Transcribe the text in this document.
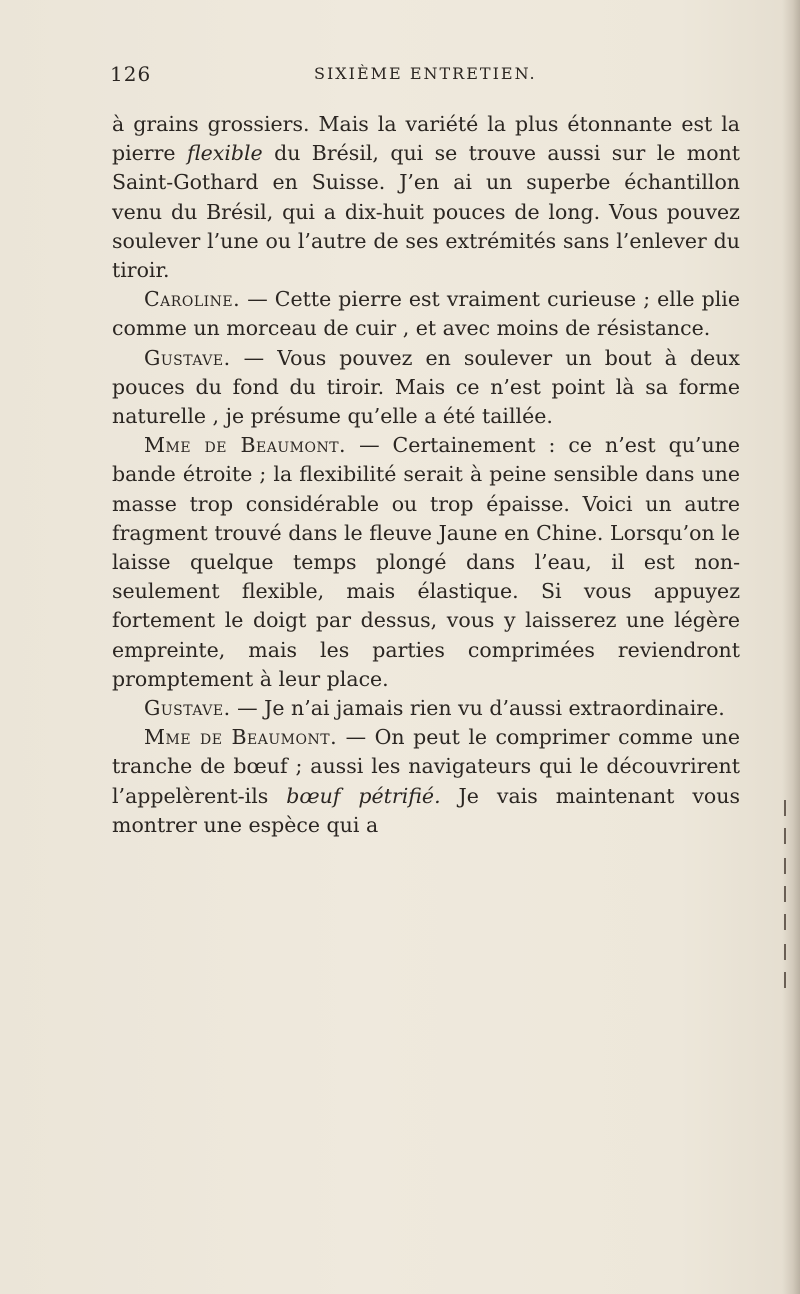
126	SIXIÈME ENTRETIEN.

à grains grossiers. Mais la variété la plus étonnante est la pierre flexible du Brésil, qui se trouve aussi sur le mont Saint-Gothard en Suisse. J’en ai un superbe échantillon venu du Brésil, qui a dix-huit pouces de long. Vous pouvez soulever l’une ou l’autre de ses extrémités sans l’enlever du tiroir.

Caroline. — Cette pierre est vraiment curieuse ; elle plie comme un morceau de cuir , et avec moins de résistance.

Gustave. — Vous pouvez en soulever un bout à deux pouces du fond du tiroir. Mais ce n’est point là sa forme naturelle , je présume qu’elle a été taillée.

Mme de Beaumont. — Certainement : ce n’est qu’une bande étroite ; la flexibilité serait à peine sensible dans une masse trop considérable ou trop épaisse. Voici un autre fragment trouvé dans le fleuve Jaune en Chine. Lorsqu’on le laisse quelque temps plongé dans l’eau, il est non-seulement flexible, mais élastique. Si vous appuyez fortement le doigt par dessus, vous y laisserez une légère empreinte, mais les parties comprimées reviendront promptement à leur place.

Gustave. — Je n’ai jamais rien vu d’aussi extraordinaire.

Mme de Beaumont. — On peut le comprimer comme une tranche de bœuf ; aussi les navigateurs qui le découvrirent l’appelèrent-ils bœuf pétrifié. Je vais maintenant vous montrer une espèce qui a
